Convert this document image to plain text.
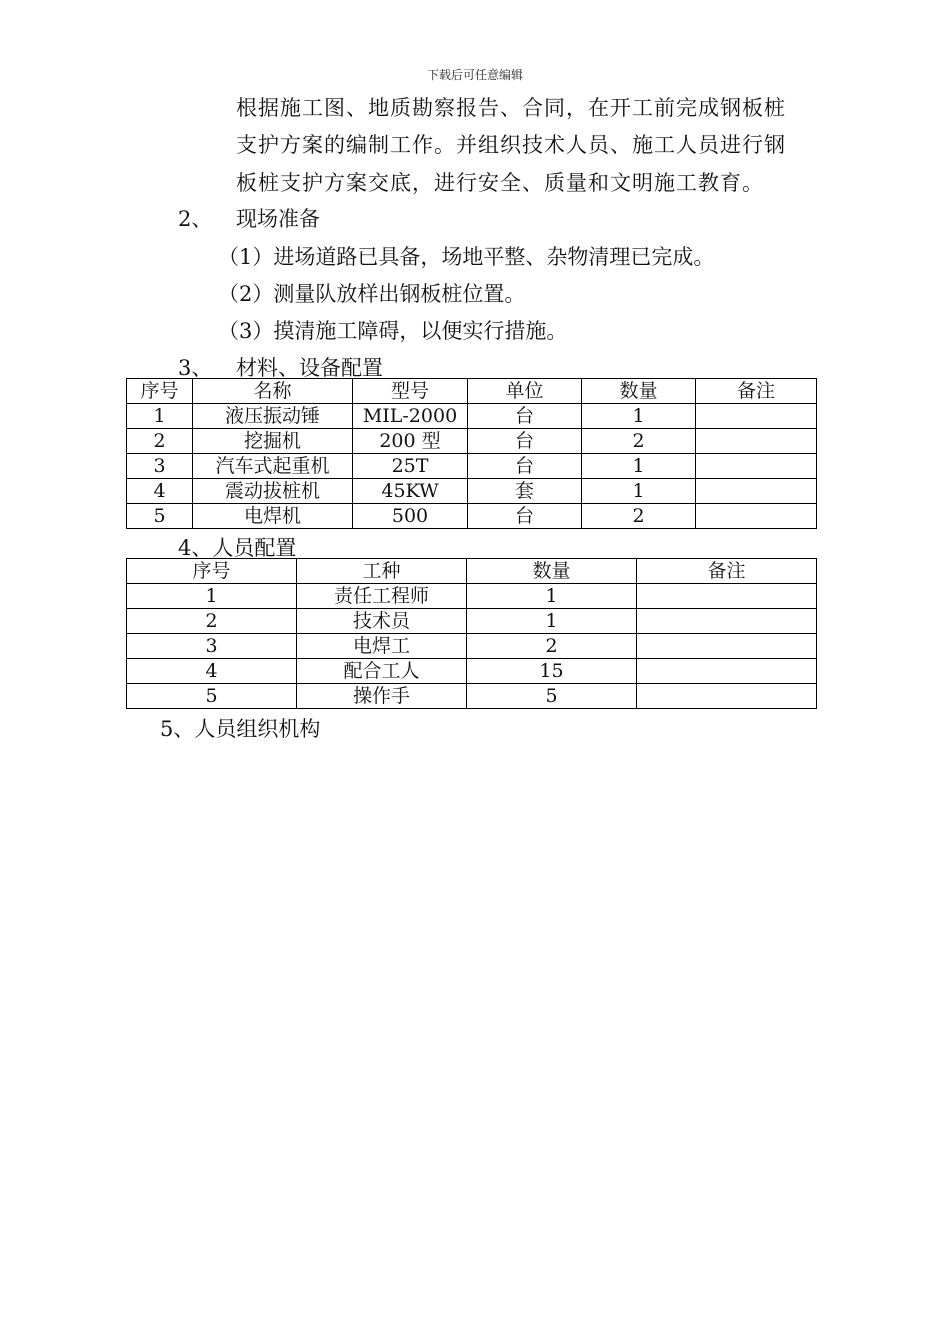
下载后可任意编辑
根据施工图、地质勘察报告、合同，在开工前完成钢板桩
支护方案的编制工作。并组织技术人员、施工人员进行钢
板桩支护方案交底，进行安全、质量和文明施工教育。
2、 现场准备
（1）进场道路已具备，场地平整、杂物清理已完成。
（2）测量队放样出钢板桩位置。
（3）摸清施工障碍，以便实行措施。
3、 材料、设备配置
序号	名称	型号	单位	数量	备注
1	液压振动锤	MIL-2000	台	1	
2	挖掘机	200 型	台	2	
3	汽车式起重机	25T	台	1	
4	震动拔桩机	45KW	套	1	
5	电焊机	500	台	2	
4、人员配置
序号	工种	数量	备注
1	责任工程师	1	
2	技术员	1	
3	电焊工	2	
4	配合工人	15	
5	操作手	5	
5、人员组织机构
